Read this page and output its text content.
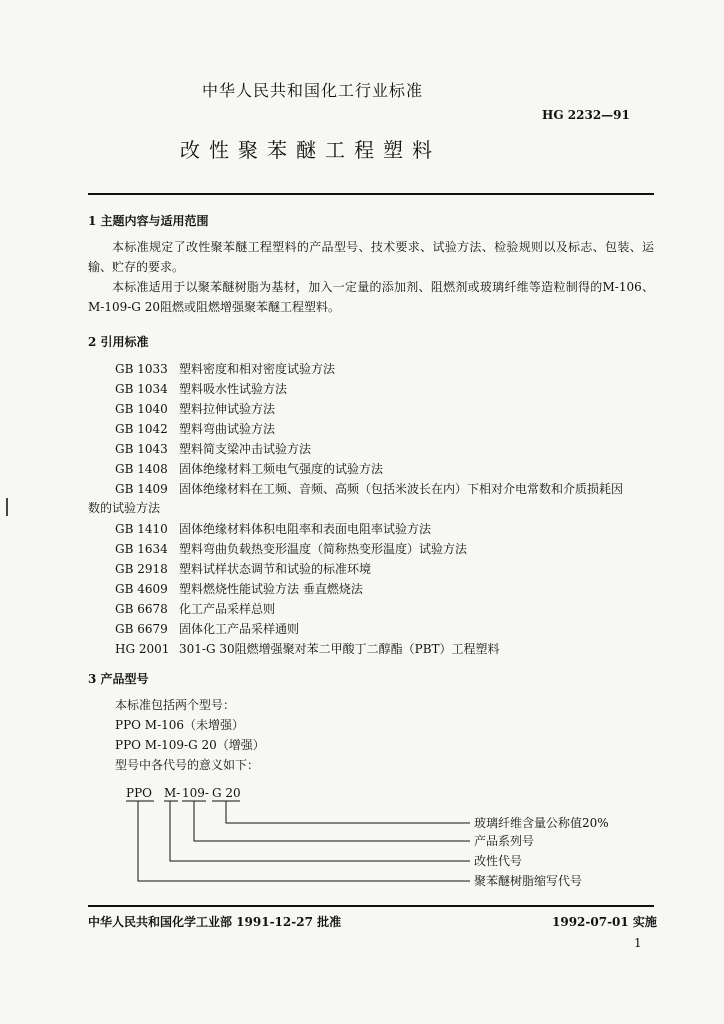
中华人民共和国化工行业标准
HG 2232—91
改性聚苯醚工程塑料
1 主题内容与适用范围
本标准规定了改性聚苯醚工程塑料的产品型号、技术要求、试验方法、检验规则以及标志、包装、运输、贮存的要求。
本标准适用于以聚苯醚树脂为基材，加入一定量的添加剂、阻燃剂或玻璃纤维等造粒制得的M-106、M-109-G 20阻燃或阻燃增强聚苯醚工程塑料。
2 引用标准
GB 1033 塑料密度和相对密度试验方法
GB 1034 塑料吸水性试验方法
GB 1040 塑料拉伸试验方法
GB 1042 塑料弯曲试验方法
GB 1043 塑料简支梁冲击试验方法
GB 1408 固体绝缘材料工频电气强度的试验方法
GB 1409 固体绝缘材料在工频、音频、高频（包括米波长在内）下相对介电常数和介质损耗因
数的试验方法
GB 1410 固体绝缘材料体积电阻率和表面电阻率试验方法
GB 1634 塑料弯曲负载热变形温度（简称热变形温度）试验方法
GB 2918 塑料试样状态调节和试验的标准环境
GB 4609 塑料燃烧性能试验方法 垂直燃烧法
GB 6678 化工产品采样总则
GB 6679 固体化工产品采样通则
HG 2001 301-G 30阻燃增强聚对苯二甲酸丁二醇酯（PBT）工程塑料
3 产品型号
本标准包括两个型号：
PPO M-106（未增强）
PPO M-109-G 20（增强）
型号中各代号的意义如下：
PPO M- 109- G 20
玻璃纤维含量公称值20%
产品系列号
改性代号
聚苯醚树脂缩写代号
中华人民共和国化学工业部 1991-12-27 批准	1992-07-01 实施
1
